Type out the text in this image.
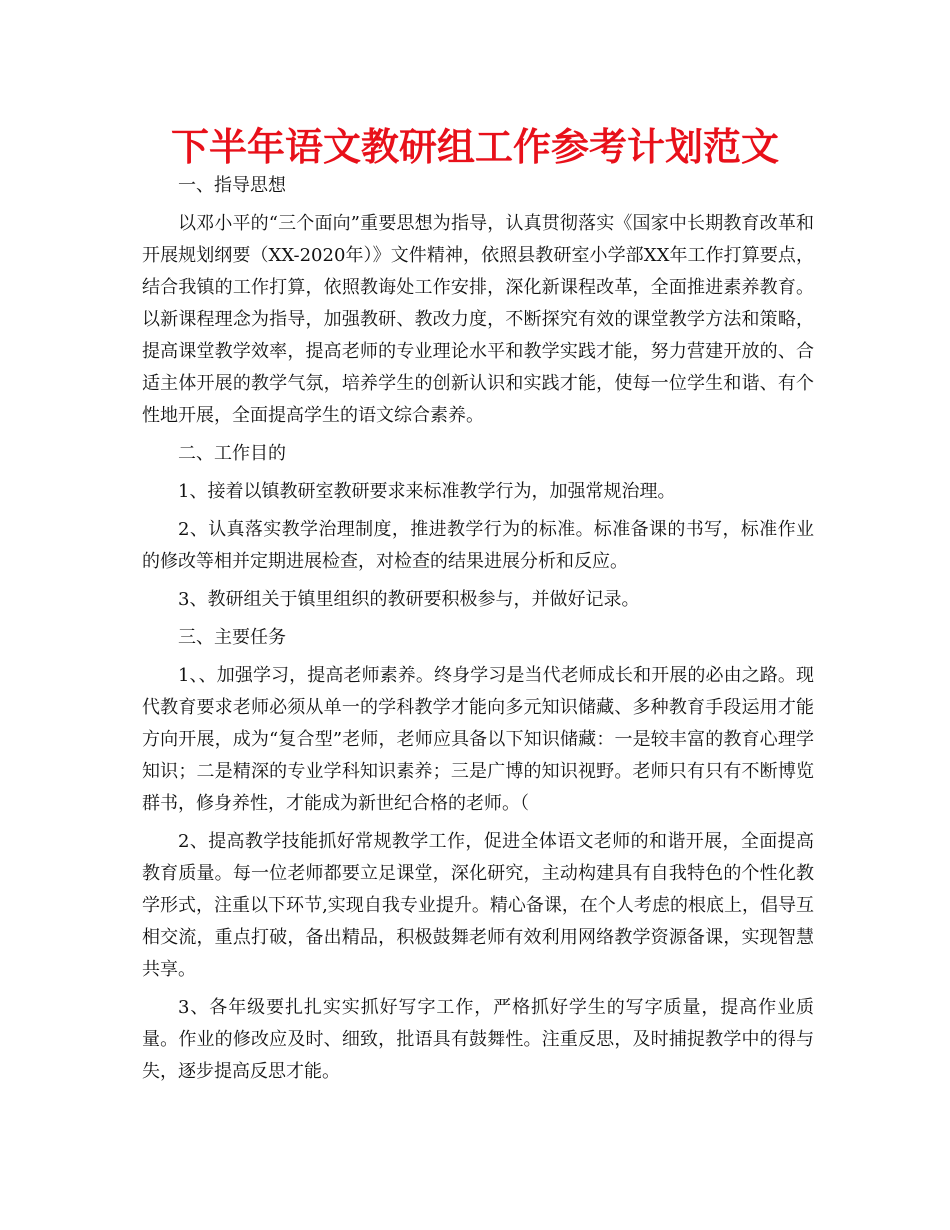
下半年语文教研组工作参考计划范文

一、指导思想

以邓小平的“三个面向”重要思想为指导，认真贯彻落实《国家中长期教育改革和开展规划纲要（XX-2020年）》文件精神，依照县教研室小学部XX年工作打算要点，结合我镇的工作打算，依照教诲处工作安排，深化新课程改革，全面推进素养教育。以新课程理念为指导，加强教研、教改力度，不断探究有效的课堂教学方法和策略，提高课堂教学效率，提高老师的专业理论水平和教学实践才能，努力营建开放的、合适主体开展的教学气氛，培养学生的创新认识和实践才能，使每一位学生和谐、有个性地开展，全面提高学生的语文综合素养。

二、工作目的

1、接着以镇教研室教研要求来标准教学行为，加强常规治理。

2、认真落实教学治理制度，推进教学行为的标准。标准备课的书写，标准作业的修改等相并定期进展检查，对检查的结果进展分析和反应。

3、教研组关于镇里组织的教研要积极参与，并做好记录。

三、主要任务

1、、加强学习，提高老师素养。终身学习是当代老师成长和开展的必由之路。现代教育要求老师必须从单一的学科教学才能向多元知识储藏、多种教育手段运用才能方向开展，成为“复合型”老师，老师应具备以下知识储藏：一是较丰富的教育心理学知识；二是精深的专业学科知识素养；三是广博的知识视野。老师只有只有不断博览群书，修身养性，才能成为新世纪合格的老师。（

2、提高教学技能抓好常规教学工作，促进全体语文老师的和谐开展，全面提高教育质量。每一位老师都要立足课堂，深化研究，主动构建具有自我特色的个性化教学形式，注重以下环节,实现自我专业提升。精心备课，在个人考虑的根底上，倡导互相交流，重点打破，备出精品，积极鼓舞老师有效利用网络教学资源备课，实现智慧共享。

3、各年级要扎扎实实抓好写字工作，严格抓好学生的写字质量，提高作业质量。作业的修改应及时、细致，批语具有鼓舞性。注重反思，及时捕捉教学中的得与失，逐步提高反思才能。
